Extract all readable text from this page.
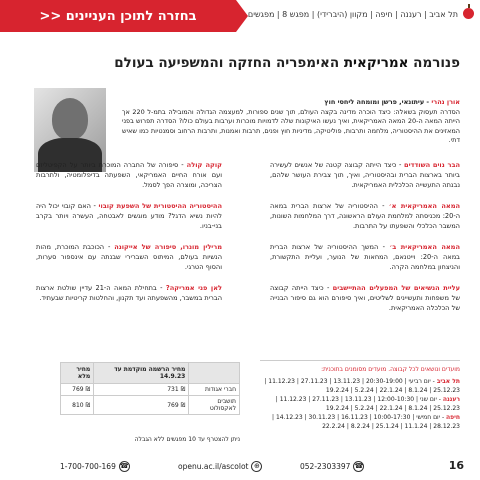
בחזרה לתוכן העניינים <<	תל אביב | רעננה | חיפה | מקוון (היברידי) | מפגש 8 | מפגשים
פנורמה אמריקאית האימפריה החזקה והמשפיעה בעולם
אורן נהרי - עיתונאי, פרשן ומומחה ליחסי חוץ
הסדרה תעסוק בשאלה: כיצד הוכרה מדינה בקצה העולם, תוך שנים ספורות, למעצמה הגדולה והמובילה בתמ-ל 220 אך הייתה המאה ה-20 המאה האמריקאית, ואיך נעשו האיקונות שלה לדמויות מוכרות וערבות בעולם כולו? הסדרה תפרוש בפני המאזינים את ההיסטוריה, מלחמה ותרבות, פוליטיקה, מדיניות חוץ ופנים, תרבות ואמנות, ותרבות הרחוב וסמנטיות כמו שאיש דתי.

הבר נוים השודדים - כיצד הייתה קבוצה קטנה של אנשים לעשירה ביותר בארצות הברית ובהיסטוריה, ואיך, תוך צבירת העושר שלהם, נבנתה התעשייה הכלכלית האמריקאית.

המאה האמריקאית א׳ - ההיסטוריה של ארצות הברית במאה ה-20: מכניסתה למלחמת העולם הראשונה, דרך המלחמות השונות, המשבר הכלכלי והשפעתו על התרבות.

המאה האמריקאית ב׳ - המשך ההיסטוריה של ארצות הברית במאה ה-20: וייטנאם, המחאות של הנוער, ועליית התקשורת, והניצחון במלחמה הקרה.

עליית הנשיאים של המפעלים ההתיישבים - כיצד הייתה קבוצה של משפחות ותעשיינים לשליטים, ואיך סיפורם הוא גם סיפור הבנייה של הכלכלה האמריקאית.

קוקה קולה - סיפורה של החברה המוכרת ביותר על הקפיטליזם ועם אורח החיים האמריקאי, השפעתה בדיפלומטיה, ולתרבות הצריכה, ומוצרה הפך לסמל.

ההיסטוריה ההיסטורית של השפעת קובוי - האם קובוי יכול היה להיות נשיא הדגל? מודע מוגשים לאבטחה, העשרה ויותר בקרב בני-בניו.

מרילין מונרו, סיפורה של אייקונה - הכוכבת המוכרת, מהות הנשיות בעולם, המיתוס השברירי שבנתה עם אינספור סערות, והסוף הטרגי.

לאן פני אמריקה? - בתחילת המאה ה-21 עדיין שולטת ארצות הברית במשבר, מהשפעתה ועד תקנון, והחלטות קריטיות שבעתיד.

מועדים ונושאים לכל קבוצה. מועדים מסומנים בתוכנית:
תל אביב - יום רביעי | 20:30-19:00 | 13.11.23 | 27.11.23 | 11.12.23 | 25.12.23 | 8.1.24 | 22.1.24 | 5.2.24 | 19.2.24
רעננה - יום שני | 12:00-10:30 | 13.11.23 | 27.11.23 | 11.12.23 | 25.12.23 | 8.1.24 | 22.1.24 | 5.2.24 | 19.2.24
חיפה - יום חמישי | 10:00-17:30 | 16.11.23 | 30.11.23 | 14.12.23 | 28.12.23 | 11.1.24 | 25.1.24 | 8.2.24 | 22.2.24
	מחיר הרשמה מוקדמת עד 14.9.23	מחיר מלא
חברי אגודות	₪ 731	₪ 769
תושבים לאקסולוט	₪ 769	₪ 810
ניתן להצטרף עד 10 מפגשים ללא הגבלה
16
052-2303397 ☎
openu.ac.il/ascolot ⊕
1-700-700-169 ☎
